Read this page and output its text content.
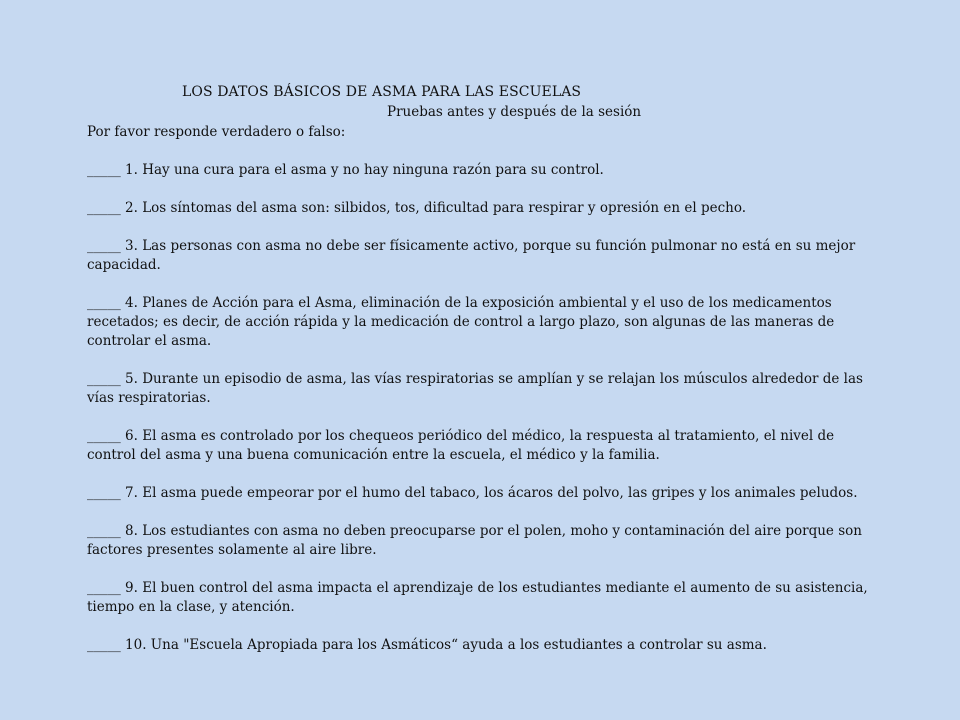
LOS DATOS BÁSICOS DE ASMA PARA LAS ESCUELAS
Pruebas antes y después de la sesión
Por favor responde verdadero o falso:
_____ 1. Hay una cura para el asma y no hay ninguna razón para su control.
_____ 2. Los síntomas del asma son: silbidos, tos, dificultad para respirar y opresión en el pecho.
_____ 3. Las personas con asma no debe ser físicamente activo, porque su función pulmonar no está en su mejor capacidad.
_____ 4. Planes de Acción para el Asma, eliminación de la exposición ambiental y el uso de los medicamentos recetados; es decir, de acción rápida y la medicación de control a largo plazo, son algunas de las maneras de controlar el asma.
_____ 5. Durante un episodio de asma, las vías respiratorias se amplían y se relajan los músculos alrededor de las vías respiratorias.
_____ 6. El asma es controlado por los chequeos periódico del médico, la respuesta al tratamiento, el nivel de control del asma y una buena comunicación entre la escuela, el médico y la familia.
_____ 7. El asma puede empeorar por el humo del tabaco, los ácaros del polvo, las gripes y los animales peludos.
_____ 8. Los estudiantes con asma no deben preocuparse por el polen, moho y contaminación del aire porque son factores presentes solamente al aire libre.
_____ 9. El buen control del asma impacta el aprendizaje de los estudiantes mediante el aumento de su asistencia, tiempo en la clase, y atención.
_____ 10. Una "Escuela Apropiada para los Asmáticos“ ayuda a los estudiantes a controlar su asma.
